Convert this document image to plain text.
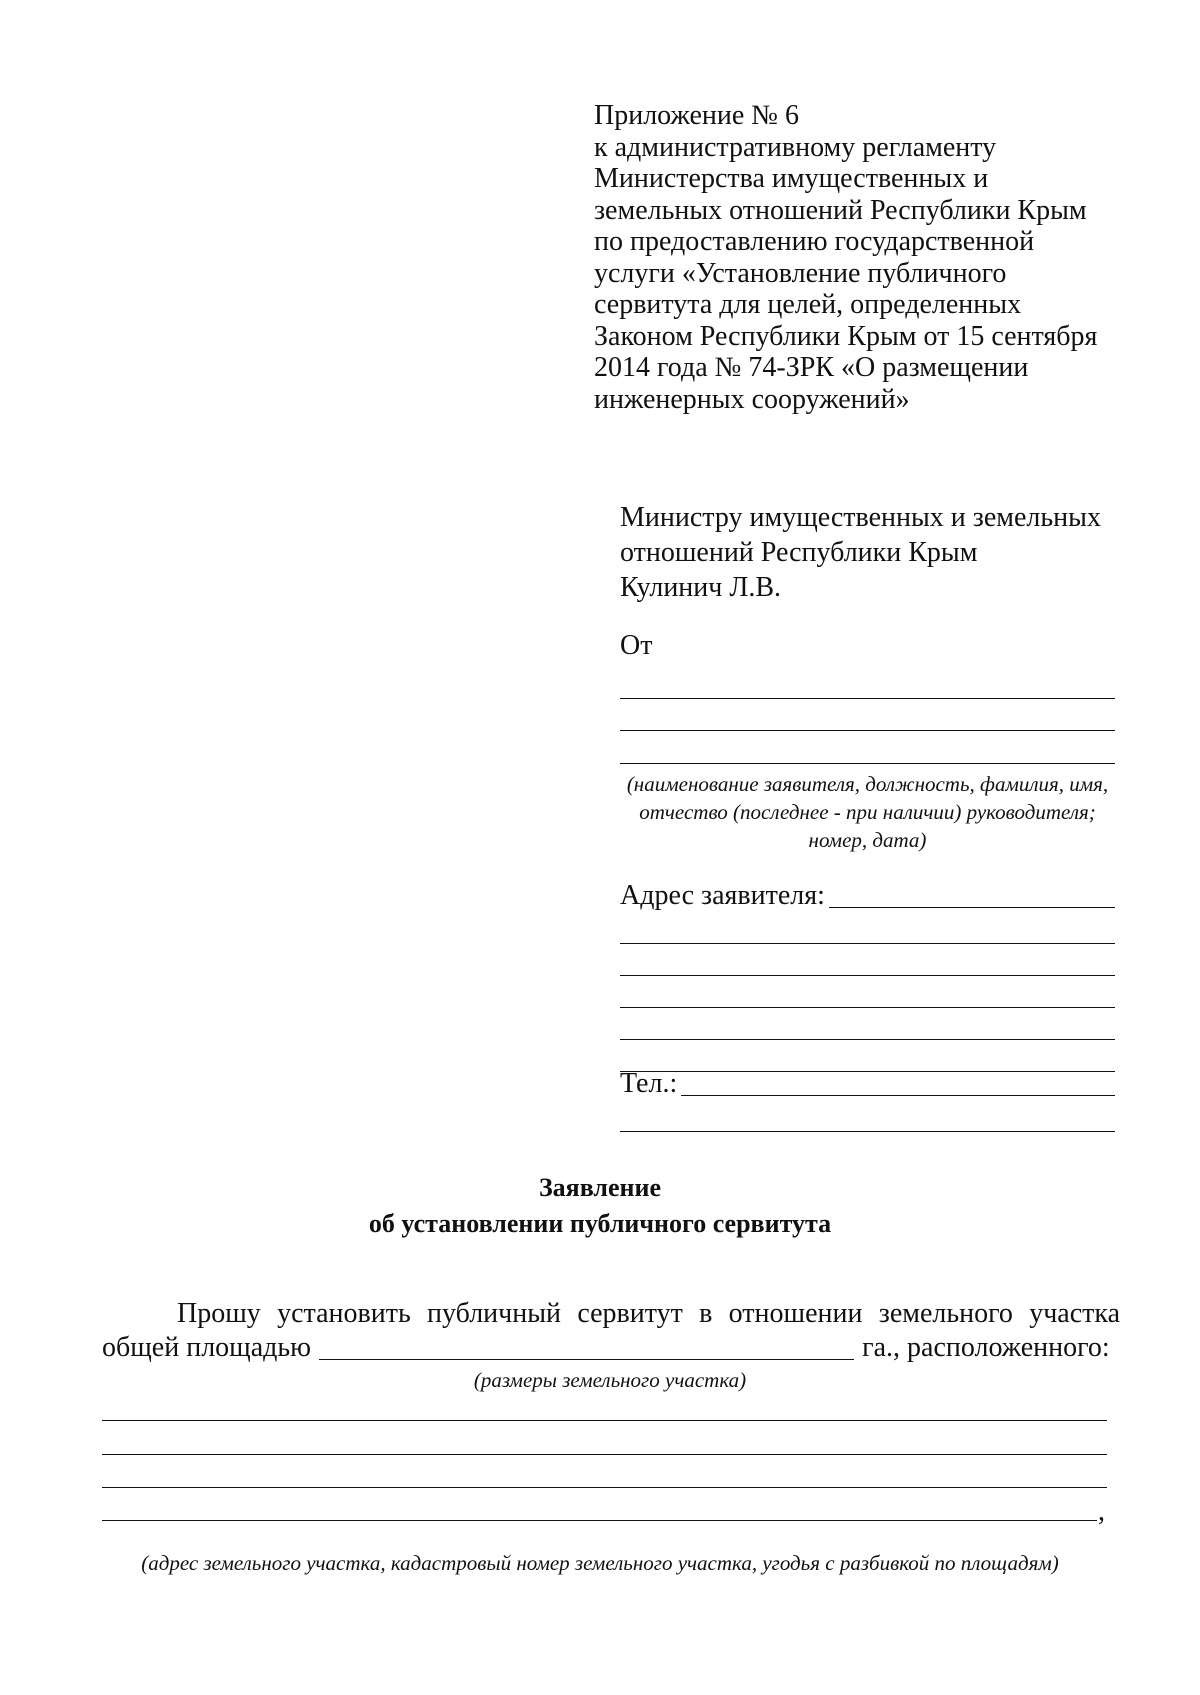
Приложение № 6

к административному регламенту

Министерства имущественных и

земельных отношений Республики Крым

по предоставлению государственной

услуги «Установление публичного

сервитута для целей, определенных

Законом Республики Крым от 15 сентября

2014 года № 74-ЗРК «О размещении

инженерных сооружений»

Министру имущественных и земельных
отношений Республики Крым
Кулинич Л.В.
От
(наименование заявителя, должность, фамилия, имя, отчество (последнее - при наличии) руководителя; номер, дата)
Адрес заявителя:
Тел.:
Заявление
об установлении публичного сервитута

Прошу установить публичный сервитут в отношении земельного участка

общей площадью	га., расположенного:
(размеры земельного участка)
,
(адрес земельного участка, кадастровый номер земельного участка, угодья с разбивкой по площадям)
